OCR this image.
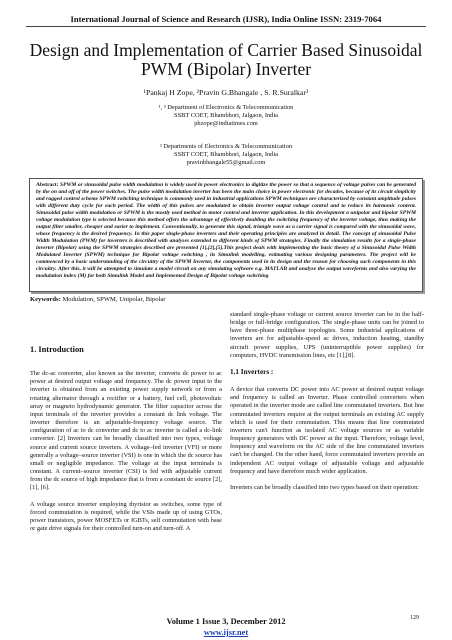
International Journal of Science and Research (IJSR), India Online ISSN: 2319-7064
Design and Implementation of Carrier Based Sinusoidal PWM (Bipolar) Inverter
¹Pankaj H Zope, ²Pravin G.Bhangale , S. R.Suralkar³
¹, ³ Department of Electronics & Telecommunication
SSBT COET, Bhambhori, Jalgaon, India
phzope@indiatimes.com
² Departments of Electronics & Telecommunication
SSBT COET, Bhambhori, Jalgaon, India
pravinbhangale55@gmail.com
Abstract: SPWM or sinusoidal pulse width modulation is widely used in power electronics to digitize the power so that a sequence of voltage pulses can be generated by the on and off of the power switches. The pulse width modulation inverter has been the main choice in power electronic for decades, because of its circuit simplicity and rugged control scheme SPWM switching technique is commonly used in industrial applications SPWM techniques are characterized by constant amplitude pulses with different duty cycle for each period. The width of this pulses are modulated to obtain inverter output voltage control and to reduce its harmonic content. Sinusoidal pulse width modulation or SPWM is the mostly used method in motor control and inverter application. In this development a unipolar and bipolar SPWM voltage modulation type is selected because this method offers the advantage of effectively doubling the switching frequency of the inverter voltage, thus making the output filter smaller, cheaper and easier to implement. Conventionally, to generate this signal, triangle wave as a carrier signal is compared with the sinusoidal wave, whose frequency is the desired frequency. In this paper single-phase inverters and their operating principles are analyzed in detail. The concept of sinusoidal Pulse Width Modulation (PWM) for inverters is described with analyses extended to different kinds of SPWM strategies. Finally the simulation results for a single-phase inverter (Bipolar) using the SPWM strategies described are presented [1],[2],[5].This project deals with implementing the basic theory of a Sinusoidal Pulse Width Modulated Inverter (SPWM) technique for Bipolar voltage switching , its Simulink modelling, estimating various designing parameters. The project will be commenced by a basic understanding of the circuitry of the SPWM Inverter, the components used in its design and the reason for choosing such components in this circuitry. After this, it will be attempted to simulate a model circuit on any simulating software e.g. MATLAB and analyse the output waveforms and also varying the modulation index (M) for both Simulink Model and Implemented Design of Bipolar voltage switching
Keywords: Modulation, SPWM, Unipolar, Bipolar

1. Introduction

The dc-ac converter, also known as the inverter, converts dc power to ac power at desired output voltage and frequency. The dc power input to the inverter is obtained from an existing power supply network or from a rotating alternator through a rectifier or a battery, fuel cell, photovoltaic array or magneto hydrodynamic generator. The filter capacitor across the input terminals of the inverter provides a constant dc link voltage. The inverter therefore is an adjustable-frequency voltage source. The configuration of ac to dc converter and dc to ac inverter is called a dc-link converter. [2] Inverters can be broadly classified into two types, voltage source and current source inverters. A voltage–fed inverter (VFI) or more generally a voltage–source inverter (VSI) is one in which the dc source has small or negligible impedance. The voltage at the input terminals is constant. A current–source inverter (CSI) is fed with adjustable current from the dc source of high impedance that is from a constant dc source [2], [1], [6].

A voltage source inverter employing thyristor as switches, some type of forced commutation is required, while the VSIs made up of using GTOs, power transistors, power MOSFETs or IGBTs, self commutation with base or gate drive signals for their controlled turn-on and turn-off. A

standard single-phase voltage or current source inverter can be in the half-bridge or full-bridge configuration. The single-phase units can be joined to have three-phase multiphase topologies. Some industrial applications of inverters are for adjustable-speed ac drives, induction heating, standby aircraft power supplies, UPS (uninterruptible power supplies) for computers, HVDC transmission lines, etc [1],[8].

1.1 Inverters :

A device that converts DC power into AC power at desired output voltage and frequency is called an Inverter. Phase controlled converters when operated in the inverter mode are called line commutated inverters. But line commutated inverters require at the output terminals an existing AC supply which is used for their commutation. This means that line commutated inverters can't function as isolated AC voltage sources or as variable frequency generators with DC power at the input. Therefore, voltage level, frequency and waveform on the AC side of the line commutated inverters can't be changed. On the other hand, force commutated inverters provide an independent AC output voltage of adjustable voltage and adjustable frequency and have therefore much wider application.

Inverters can be broadly classified into two types based on their operation:

Volume 1 Issue 3, December 2012
www.ijsr.net
129
